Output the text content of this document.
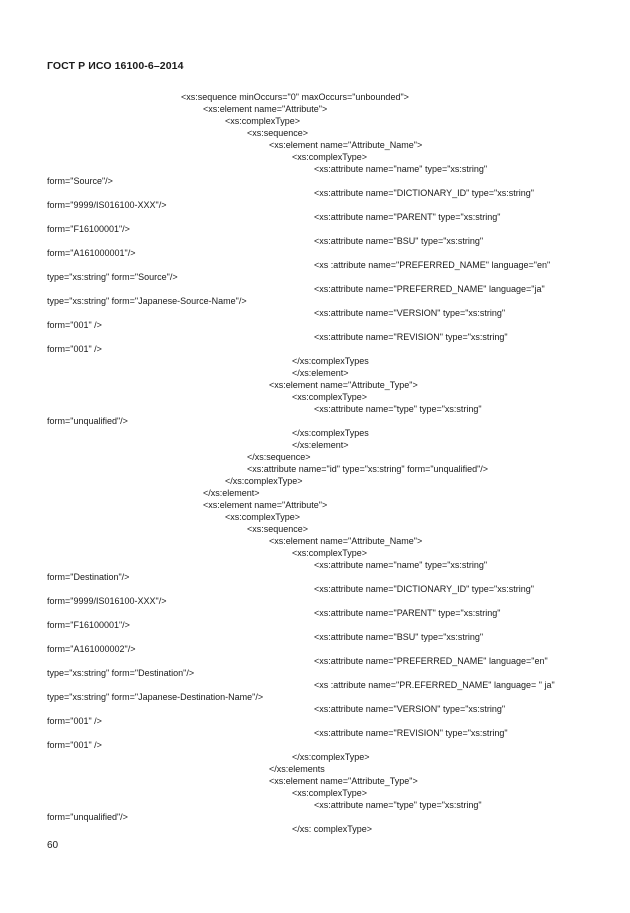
ГОСТ Р ИСО 16100-6–2014
<xs:sequence minOccurs="0" maxOccurs="unbounded">
<xs:element name="Attribute">
<xs:complexType>
<xs:sequence>
<xs:element name="Attribute_Name">
<xs:complexType>
<xs:attribute name="name" type="xs:string"
form="Source"/>
<xs:attribute name="DICTIONARY_ID" type="xs:string"
form="9999/IS016100-XXX"/>
<xs:attribute name="PARENT" type="xs:string"
form="F16100001"/>
<xs:attribute name="BSU" type="xs:string"
form="A161000001"/>
<xs :attribute name="PREFERRED_NAME" language="en"
type="xs:string" form="Source"/>
<xs:attribute name="PREFERRED_NAME" language="ja"
type="xs:string" form="Japanese-Source-Name"/>
<xs:attribute name="VERSION" type="xs:string"
form="001" />
<xs:attribute name="REVISION" type="xs:string"
form="001" />
</xs:complexTypes
</xs:element>
<xs:element name="Attribute_Type">
<xs:complexType>
<xs:attribute name="type" type="xs:string"
form="unqualified"/>
</xs:complexTypes
</xs:element>
</xs:sequence>
<xs:attribute name="id" type="xs:string" form="unqualified"/>
</xs:complexType>
</xs:element>
<xs:element name="Attribute">
<xs:complexType>
<xs:sequence>
<xs:element name="Attribute_Name">
<xs:complexType>
<xs:attribute name="name" type="xs:string"
form="Destination"/>
<xs:attribute name="DICTIONARY_ID" type="xs:string"
form="9999/IS016100-XXX"/>
<xs:attribute name="PARENT" type="xs:string"
form="F16100001"/>
<xs:attribute name="BSU" type="xs:string"
form="A161000002"/>
<xs:attribute name="PREFERRED_NAME" language="en"
type="xs:string" form="Destination"/>
<xs :attribute name="PR.EFERRED_NAME" language= " ja"
type="xs:string" form="Japanese-Destination-Name"/>
<xs:attribute name="VERSION" type="xs:string"
form="001" />
<xs:attribute name="REVISION" type="xs:string"
form="001" />
</xs:complexType>
</xs:elements
<xs:element name="Attribute_Type">
<xs:complexType>
<xs:attribute name="type" type="xs:string"
form="unqualified"/>
</xs: complexType>
60
